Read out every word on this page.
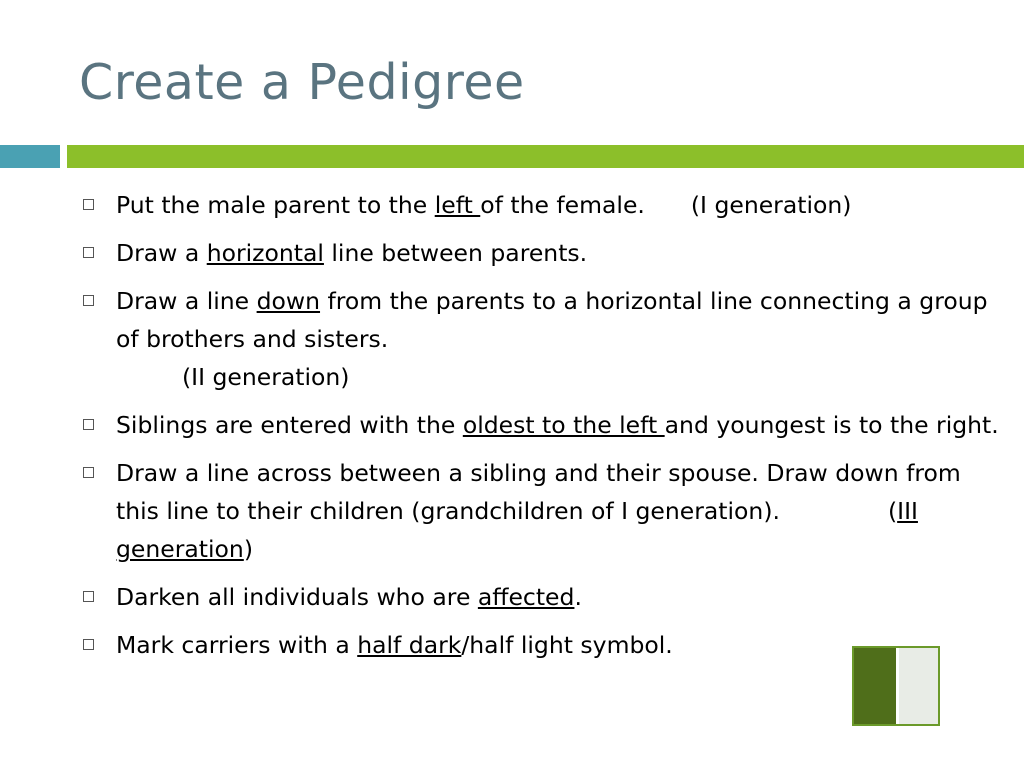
Create a Pedigree
Put the male parent to the left of the female. (I generation)
Draw a horizontal line between parents.
Draw a line down from the parents to a horizontal line connecting a group of brothers and sisters.
(II generation)
Siblings are entered with the oldest to the left and youngest is to the right.
Draw a line across between a sibling and their spouse. Draw down from this line to their children (grandchildren of I generation).	(III generation)
Darken all individuals who are affected.
Mark carriers with a half dark/half light symbol.
